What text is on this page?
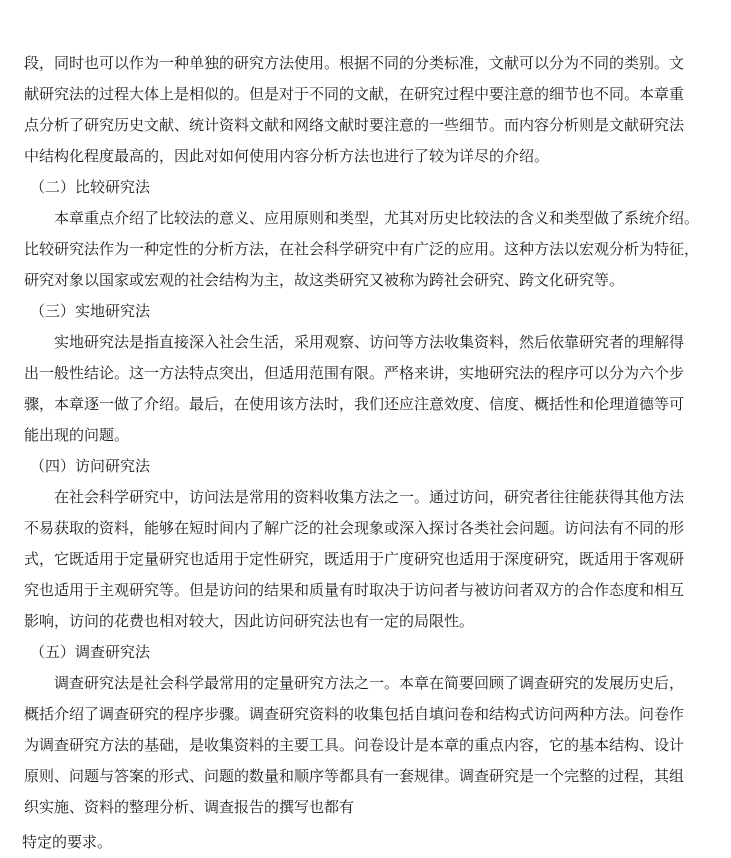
段，同时也可以作为一种单独的研究方法使用。根据不同的分类标准，文献可以分为不同的类别。文
献研究法的过程大体上是相似的。但是对于不同的文献，在研究过程中要注意的细节也不同。本章重
点分析了研究历史文献、统计资料文献和网络文献时要注意的一些细节。而内容分析则是文献研究法
中结构化程度最高的，因此对如何使用内容分析方法也进行了较为详尽的介绍。
（二）比较研究法
本章重点介绍了比较法的意义、应用原则和类型，尤其对历史比较法的含义和类型做了系统介绍。
比较研究法作为一种定性的分析方法，在社会科学研究中有广泛的应用。这种方法以宏观分析为特征，
研究对象以国家或宏观的社会结构为主，故这类研究又被称为跨社会研究、跨文化研究等。
（三）实地研究法
实地研究法是指直接深入社会生活，采用观察、访问等方法收集资料，然后依靠研究者的理解得
出一般性结论。这一方法特点突出，但适用范围有限。严格来讲，实地研究法的程序可以分为六个步
骤，本章逐一做了介绍。最后，在使用该方法时，我们还应注意效度、信度、概括性和伦理道德等可
能出现的问题。
（四）访问研究法
在社会科学研究中，访问法是常用的资料收集方法之一。通过访问，研究者往往能获得其他方法
不易获取的资料，能够在短时间内了解广泛的社会现象或深入探讨各类社会问题。访问法有不同的形
式，它既适用于定量研究也适用于定性研究，既适用于广度研究也适用于深度研究，既适用于客观研
究也适用于主观研究等。但是访问的结果和质量有时取决于访问者与被访问者双方的合作态度和相互
影响，访问的花费也相对较大，因此访问研究法也有一定的局限性。
（五）调查研究法
调查研究法是社会科学最常用的定量研究方法之一。本章在简要回顾了调查研究的发展历史后，
概括介绍了调查研究的程序步骤。调查研究资料的收集包括自填问卷和结构式访问两种方法。问卷作
为调查研究方法的基础，是收集资料的主要工具。问卷设计是本章的重点内容，它的基本结构、设计
原则、问题与答案的形式、问题的数量和顺序等都具有一套规律。调查研究是一个完整的过程，其组
织实施、资料的整理分析、调查报告的撰写也都有
特定的要求。
